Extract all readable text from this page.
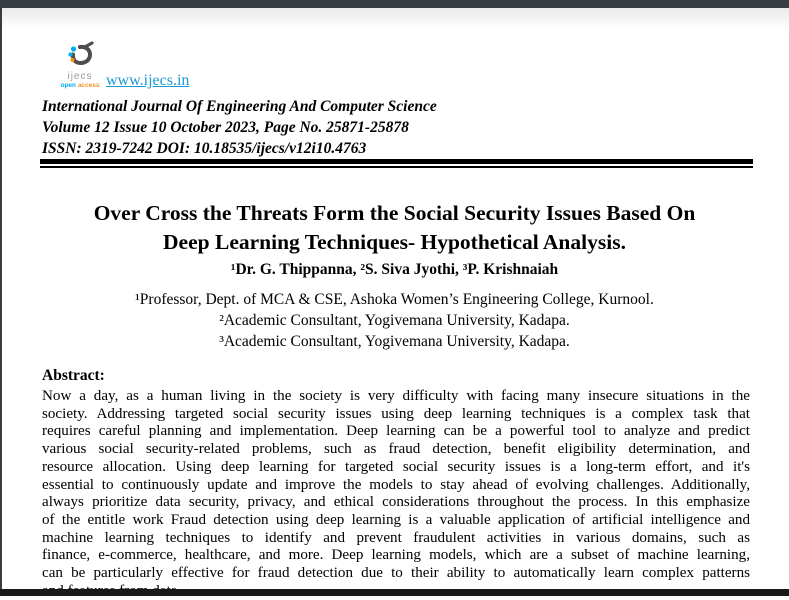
ijecs
open access www.ijecs.in
International Journal Of Engineering And Computer Science
Volume 12 Issue 10 October 2023, Page No. 25871-25878
ISSN: 2319-7242 DOI: 10.18535/ijecs/v12i10.4763
Over Cross the Threats Form the Social Security Issues Based On
Deep Learning Techniques- Hypothetical Analysis.
¹Dr. G. Thippanna, ²S. Siva Jyothi, ³P. Krishnaiah
¹Professor, Dept. of MCA & CSE, Ashoka Women’s Engineering College, Kurnool.
²Academic Consultant, Yogivemana University, Kadapa.
³Academic Consultant, Yogivemana University, Kadapa.
Abstract:
Now a day, as a human living in the society is very difficulty with facing many insecure situations in the
society. Addressing targeted social security issues using deep learning techniques is a complex task that
requires careful planning and implementation. Deep learning can be a powerful tool to analyze and predict
various social security-related problems, such as fraud detection, benefit eligibility determination, and
resource allocation. Using deep learning for targeted social security issues is a long-term effort, and it's
essential to continuously update and improve the models to stay ahead of evolving challenges. Additionally,
always prioritize data security, privacy, and ethical considerations throughout the process. In this emphasize
of the entitle work Fraud detection using deep learning is a valuable application of artificial intelligence and
machine learning techniques to identify and prevent fraudulent activities in various domains, such as
finance, e-commerce, healthcare, and more. Deep learning models, which are a subset of machine learning,
can be particularly effective for fraud detection due to their ability to automatically learn complex patterns
